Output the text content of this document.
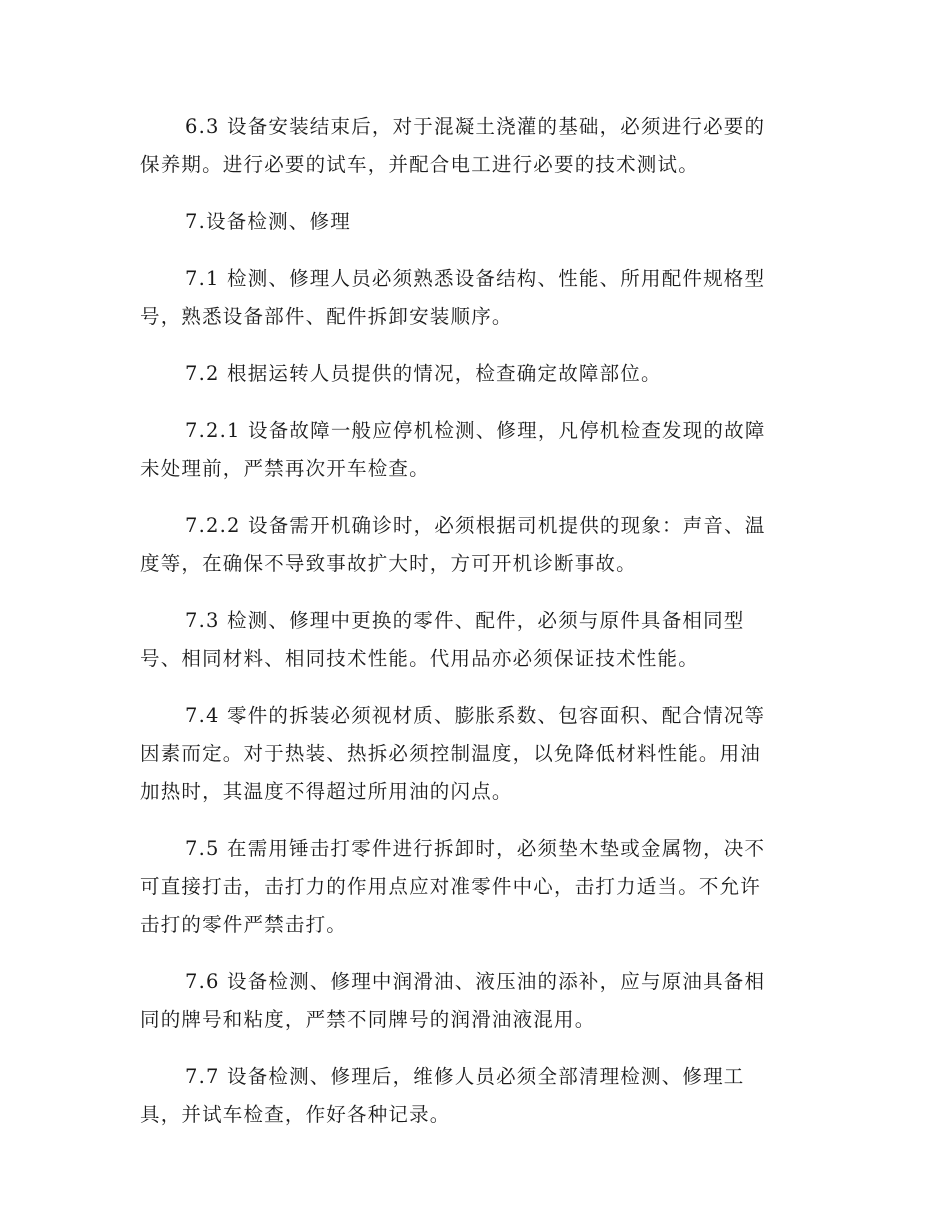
6.3 设备安装结束后，对于混凝土浇灌的基础，必须进行必要的
保养期。进行必要的试车，并配合电工进行必要的技术测试。

7.设备检测、修理

7.1 检测、修理人员必须熟悉设备结构、性能、所用配件规格型
号，熟悉设备部件、配件拆卸安装顺序。

7.2 根据运转人员提供的情况，检查确定故障部位。

7.2.1 设备故障一般应停机检测、修理，凡停机检查发现的故障
未处理前，严禁再次开车检查。

7.2.2 设备需开机确诊时，必须根据司机提供的现象：声音、温
度等，在确保不导致事故扩大时，方可开机诊断事故。

7.3 检测、修理中更换的零件、配件，必须与原件具备相同型
号、相同材料、相同技术性能。代用品亦必须保证技术性能。

7.4 零件的拆装必须视材质、膨胀系数、包容面积、配合情况等
因素而定。对于热装、热拆必须控制温度，以免降低材料性能。用油
加热时，其温度不得超过所用油的闪点。

7.5 在需用锤击打零件进行拆卸时，必须垫木垫或金属物，决不
可直接打击，击打力的作用点应对准零件中心，击打力适当。不允许
击打的零件严禁击打。

7.6 设备检测、修理中润滑油、液压油的添补，应与原油具备相
同的牌号和粘度，严禁不同牌号的润滑油液混用。

7.7 设备检测、修理后，维修人员必须全部清理检测、修理工
具，并试车检查，作好各种记录。
